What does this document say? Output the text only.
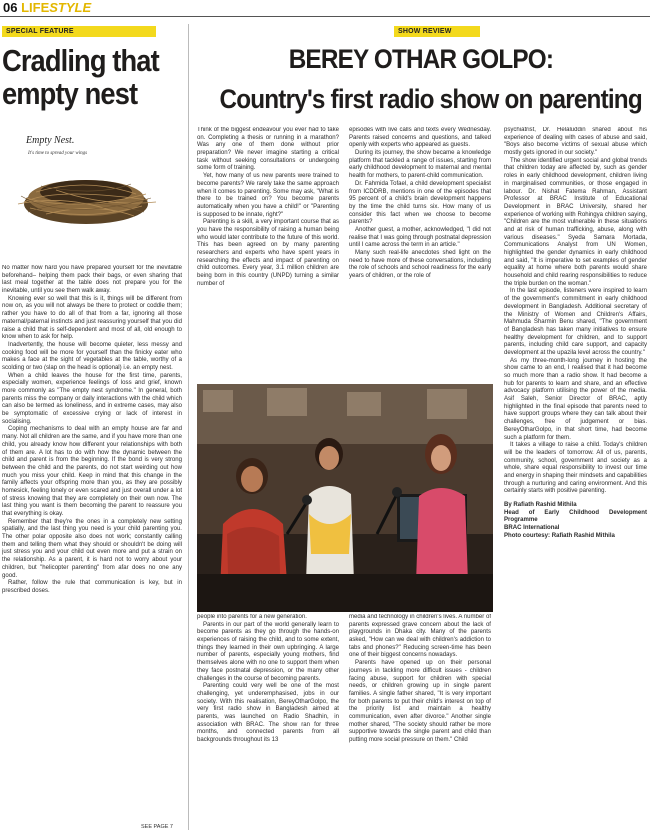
06 LIFESTYLE
SPECIAL FEATURE
Cradling that
empty nest
Empty Nest.
It's time to spread your wings

No matter how hard you have prepared yourself for the inevitable beforehand– helping them pack their bags, or even sharing that last meal together at the table does not prepare you for the inevitable, until you see them walk away.

Knowing ever so well that this is it, things will be different from now on, as you will not always be there to protect or coddle them; rather you have to do all of that from a far, ignoring all those maternal/paternal instincts and just reassuring yourself that you did raise a child that is self-dependent and most of all, old enough to know when to ask for help.

Inadvertently, the house will become quieter, less messy and cooking food will be more for yourself than the finicky eater who makes a face at the sight of vegetables at the table, worthy of a scolding or two (slap on the head is optional) i.e. an empty nest.

When a child leaves the house for the first time, parents, especially women, experience feelings of loss and grief, known more commonly as "The empty nest syndrome." In general, both parents miss the company or daily interactions with the child which can also be termed as loneliness, and in extreme cases, may also be symptomatic of excessive crying or lack of interest in socialising.

Coping mechanisms to deal with an empty house are far and many. Not all children are the same, and if you have more than one child, you already know how different your relationships with both of them are. A lot has to do with how the dynamic between the child and parent is from the beginning. If the bond is very strong between the child and the parents, do not start weirding out how much you miss your child. Keep in mind that this change in the family affects your offspring more than you, as they are possibly homesick, feeling lonely or even scared and just overall under a lot of stress knowing that they are completely on their own now. The last thing you want is them becoming the parent to reassure you that everything is okay.

Remember that they're the ones in a completely new setting spatially, and the last thing you need is your child parenting you. The other polar opposite also does not work; constantly calling them and telling them what they should or shouldn't be doing will just stress you and your child out even more and put a strain on the relationship. As a parent, it is hard not to worry about your children, but "helicopter parenting" from afar does no one any good.

Rather, follow the rule that communication is key, but in prescribed doses.

SEE PAGE 7
SHOW REVIEW
BEREY OTHAR GOLPO:
Country's first radio show on parenting

Think of the biggest endeavour you ever had to take on. Completing a thesis or running in a marathon? Was any one of them done without prior preparation? We never imagine starting a critical task without seeking consultations or undergoing some form of training.

Yet, how many of us new parents were trained to become parents? We rarely take the same approach when it comes to parenting. Some may ask, "What is there to be trained on? You become parents automatically when you have a child!" or "Parenting is supposed to be innate, right?"

Parenting is a skill, a very important course that as you have the responsibility of raising a human being who would later contribute to the future of this world. This has been agreed on by many parenting researchers and experts who have spent years in researching the effects and impact of parenting on child outcomes. Every year, 3.1 million children are being born in this country (UNPD) turning a similar number of

episodes with live calls and texts every Wednesday. Parents raised concerns and questions, and talked openly with experts who appeared as guests.

During its journey, the show became a knowledge platform that tackled a range of issues, starting from early childhood development to maternal and mental health for mothers, to parent-child communication.

Dr. Fahmida Tofael, a child development specialist from ICDDRB, mentions in one of the episodes that 95 percent of a child's brain development happens by the time the child turns six. How many of us consider this fact when we choose to become parents?

Another guest, a mother, acknowledged, "I did not realise that I was going through postnatal depression until I came across the term in an article."

Many such real-life anecdotes shed light on the need to have more of these conversations, including the role of schools and school readiness for the early years of children, or the role of

people into parents for a new generation.

Parents in our part of the world generally learn to become parents as they go through the hands-on experiences of raising the child, and to some extent, things they learned in their own upbringing. A large number of parents, especially young mothers, find themselves alone with no one to support them when they face postnatal depression, or the many other challenges in the course of becoming parents.

Parenting could very well be one of the most challenging, yet underemphasised, jobs in our society. With this realisation, BereyOtharGolpo, the very first radio show in Bangladesh aimed at parents, was launched on Radio Shadhin, in association with BRAC. The show ran for three months, and connected parents from all backgrounds throughout its 13

media and technology in children's lives. A number of parents expressed grave concern about the lack of playgrounds in Dhaka city. Many of the parents asked, "How can we deal with children's addiction to tabs and phones?" Reducing screen-time has been one of their biggest concerns nowadays.

Parents have opened up on their personal journeys in tackling more difficult issues - children facing abuse, support for children with special needs, or children growing up in single parent families. A single father shared, "It is very important for both parents to put their child's interest on top of the priority list and maintain a healthy communication, even after divorce." Another single mother shared, "The society should rather be more supportive towards the single parent and child than putting more social pressure on them." Child

psychiatrist, Dr. Helaluddin shared about his experience of dealing with cases of abuse and said, "Boys also become victims of sexual abuse which mostly gets ignored in our society."

The show identified urgent social and global trends that children today are affected by, such as gender roles in early childhood development, children living in marginalised communities, or those engaged in labour. Dr. Nishat Fatema Rahman, Assistant Professor at BRAC Institute of Educational Development in BRAC University, shared her experience of working with Rohingya children saying, "Children are the most vulnerable in these situations and at risk of human trafficking, abuse, along with various diseases." Syeda Samara Mortada, Communications Analyst from UN Women, highlighted the gender dynamics in early childhood and said, "It is imperative to set examples of gender equality at home where both parents would share household and child rearing responsibilities to reduce the triple burden on the woman."

In the last episode, listeners were inspired to learn of the government's commitment in early childhood development in Bangladesh. Additional secretary of the Ministry of Women and Children's Affairs, Mahmuda Sharmin Benu shared, "The government of Bangladesh has taken many initiatives to ensure healthy development for children, and to support parents, including child care support, and capacity development at the upazila level across the country."

As my three-month-long journey in hosting the show came to an end, I realised that it had become so much more than a radio show. It had become a hub for parents to learn and share, and an effective advocacy platform utilising the power of the media. Asif Saleh, Senior Director of BRAC, aptly highlighted in the final episode that parents need to have support groups where they can talk about their challenges, free of judgement or bias. BereyOtharGolpo, in that short time, had become such a platform for them.

It takes a village to raise a child. Today's children will be the leaders of tomorrow. All of us, parents, community, school, government and society as a whole, share equal responsibility to invest our time and energy in shaping their mindsets and capabilities through a nurturing and caring environment. And this certainly starts with positive parenting.

By Rafiath Rashid Mithila
Head of Early Childhood Development Programme
BRAC International
Photo courtesy: Rafiath Rashid Mithila
